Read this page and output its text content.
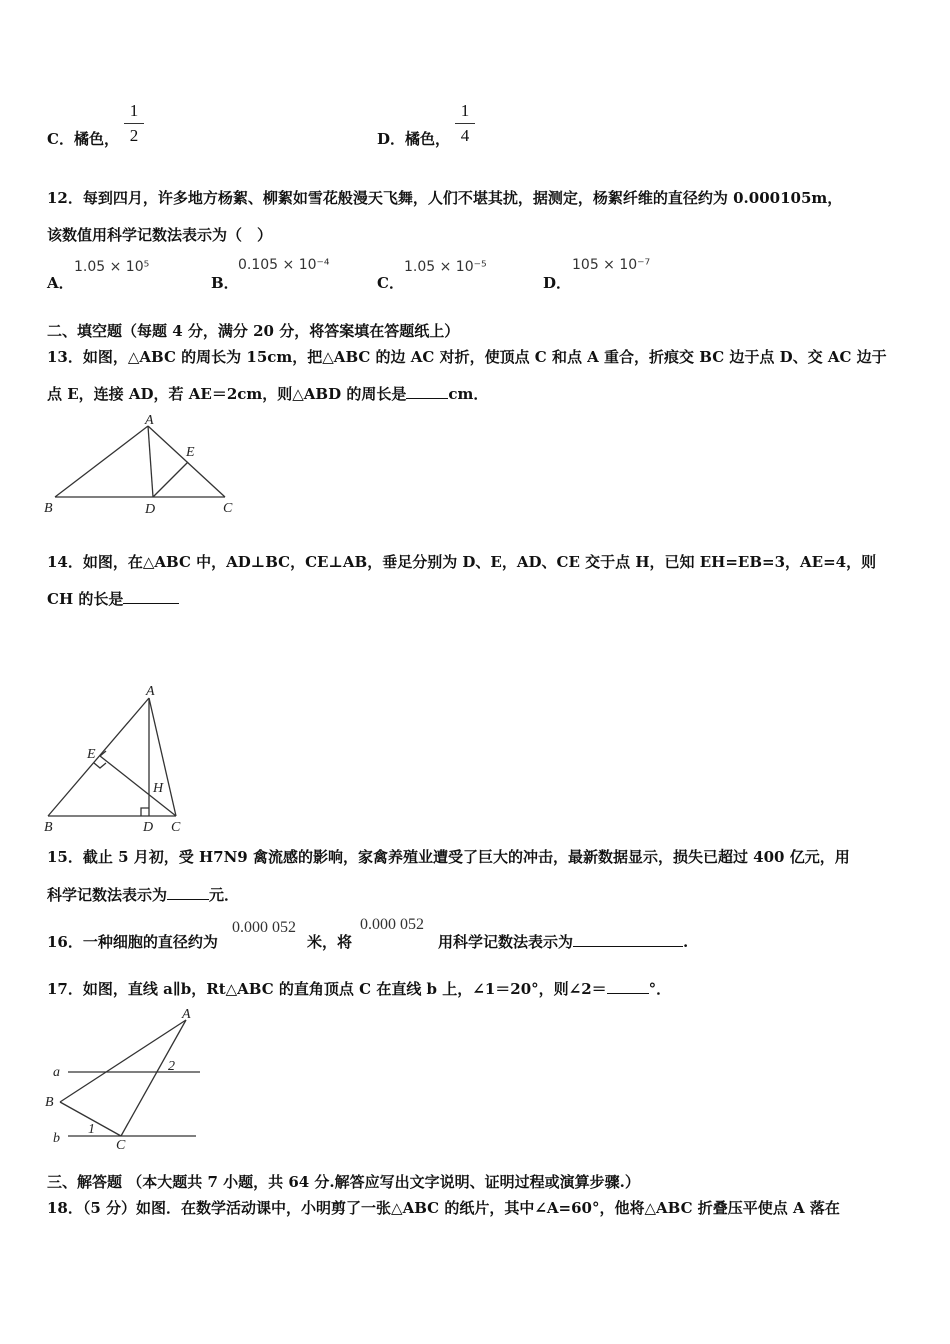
C．橘色，
1
2	D．橘色，
1
4
12．每到四月，许多地方杨絮、柳絮如雪花般漫天飞舞，人们不堪其扰，据测定，杨絮纤维的直径约为 0.000105m，
该数值用科学记数法表示为（　）
A．
1.05 × 10⁵
B．
0.105 × 10⁻⁴
C．
1.05 × 10⁻⁵
D．
105 × 10⁻⁷
二、填空题（每题 4 分，满分 20 分，将答案填在答题纸上）
13．如图，△ABC 的周长为 15cm，把△ABC 的边 AC 对折，使顶点 C 和点 A 重合，折痕交 BC 边于点 D、交 AC 边于
点 E，连接 AD，若 AE＝2cm，则△ABD 的周长是	cm．
A
B	D	C
E
14．如图，在△ABC 中，AD⊥BC，CE⊥AB，垂足分别为 D、E，AD、CE 交于点 H，已知 EH=EB=3，AE=4，则
CH 的长是
A
E
H
B	D C
15．截止 5 月初，受 H7N9 禽流感的影响，家禽养殖业遭受了巨大的冲击，最新数据显示，损失已超过 400 亿元，用
科学记数法表示为	元．
16．一种细胞的直径约为
0.000 052
米，将
0.000 052
用科学记数法表示为	.
17．如图，直线 a∥b，Rt△ABC 的直角顶点 C 在直线 b 上，∠1＝20°，则∠2＝	°．
A
a
B
b
1
2
C
三、解答题 （本大题共 7 小题，共 64 分.解答应写出文字说明、证明过程或演算步骤.）
18．（5 分）如图．在数学活动课中，小明剪了一张△ABC 的纸片，其中∠A=60°，他将△ABC 折叠压平使点 A 落在
